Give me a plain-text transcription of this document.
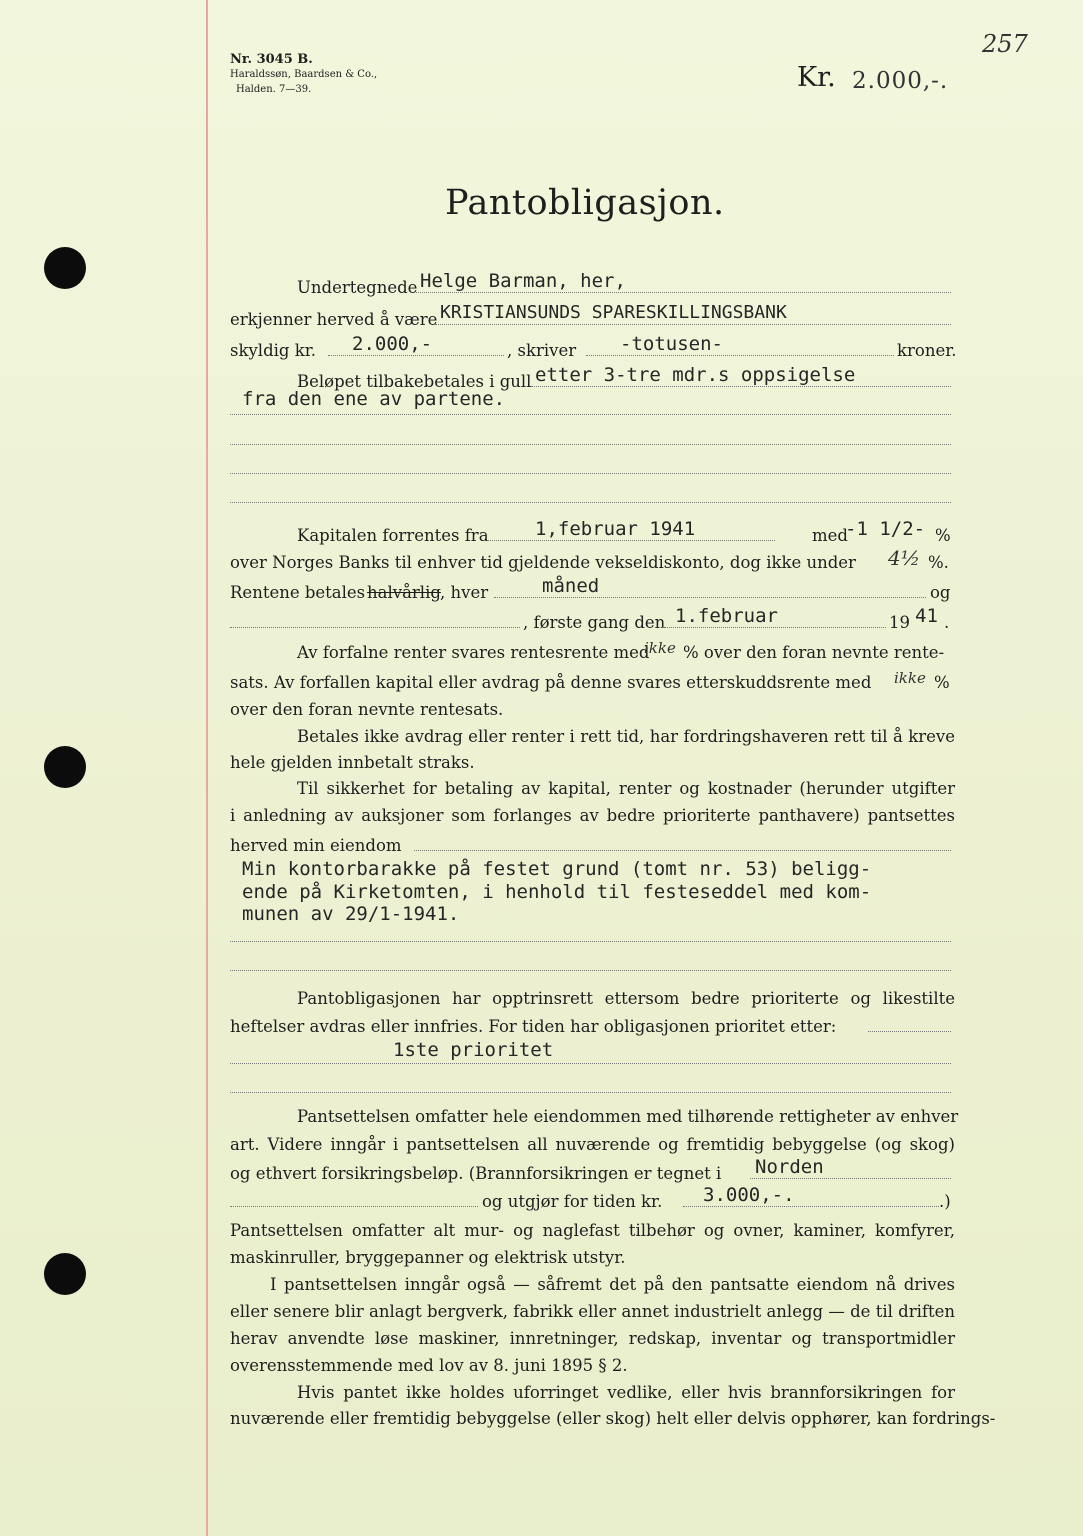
Nr. 3045 B.
Haraldssøn, Baardsen & Co.,
Halden. 7—39.
257
Kr. 2.000,-.
Pantobligasjon.
Undertegnede Helge Barman, her,
erkjenner herved å være KRISTIANSUNDS SPARESKILLINGSBANK
skyldig kr. 2.000,-	, skriver -totusen-	kroner.
Beløpet tilbakebetales i gull etter 3-tre mdr.s oppsigelse
fra den ene av partene.
Kapitalen forrentes fra 1,februar 1941	med
-1 1/2- %
over Norges Banks til enhver tid gjeldende vekseldiskonto, dog ikke under 4½ %.
Rentene betales halvårlig , hver	måned	og
, første gang den 1.februar	19 41 .
Av forfalne renter svares rentesrente med
ikke % over den foran nevnte rente-
sats. Av forfallen kapital eller avdrag på denne svares etterskuddsrente med ikke %
over den foran nevnte rentesats.
Betales ikke avdrag eller renter i rett tid, har fordringshaveren rett til å kreve
hele gjelden innbetalt straks.
Til sikkerhet for betaling av kapital, renter og kostnader (herunder utgifter
i anledning av auksjoner som forlanges av bedre prioriterte panthavere) pantsettes
herved min eiendom
Min kontorbarakke på festet grund (tomt nr. 53) beligg-
ende på Kirketomten, i henhold til festeseddel med kom-
munen av 29/1-1941.
Pantobligasjonen har opptrinsrett ettersom bedre prioriterte og likestilte
heftelser avdras eller innfries. For tiden har obligasjonen prioritet etter:
1ste prioritet
Pantsettelsen omfatter hele eiendommen med tilhørende rettigheter av enhver
art. Videre inngår i pantsettelsen all nuværende og fremtidig bebyggelse (og skog)
og ethvert forsikringsbeløp. (Brannforsikringen er tegnet i Norden
og utgjør for tiden kr. 3.000,-.	.)
Pantsettelsen omfatter alt mur- og naglefast tilbehør og ovner, kaminer, komfyrer,
maskinruller, bryggepanner og elektrisk utstyr.
I pantsettelsen inngår også — såfremt det på den pantsatte eiendom nå drives
eller senere blir anlagt bergverk, fabrikk eller annet industrielt anlegg — de til driften
herav anvendte løse maskiner, innretninger, redskap, inventar og transportmidler
overensstemmende med lov av 8. juni 1895 § 2.
Hvis pantet ikke holdes uforringet vedlike, eller hvis brannforsikringen for
nuværende eller fremtidig bebyggelse (eller skog) helt eller delvis opphører, kan fordrings-
